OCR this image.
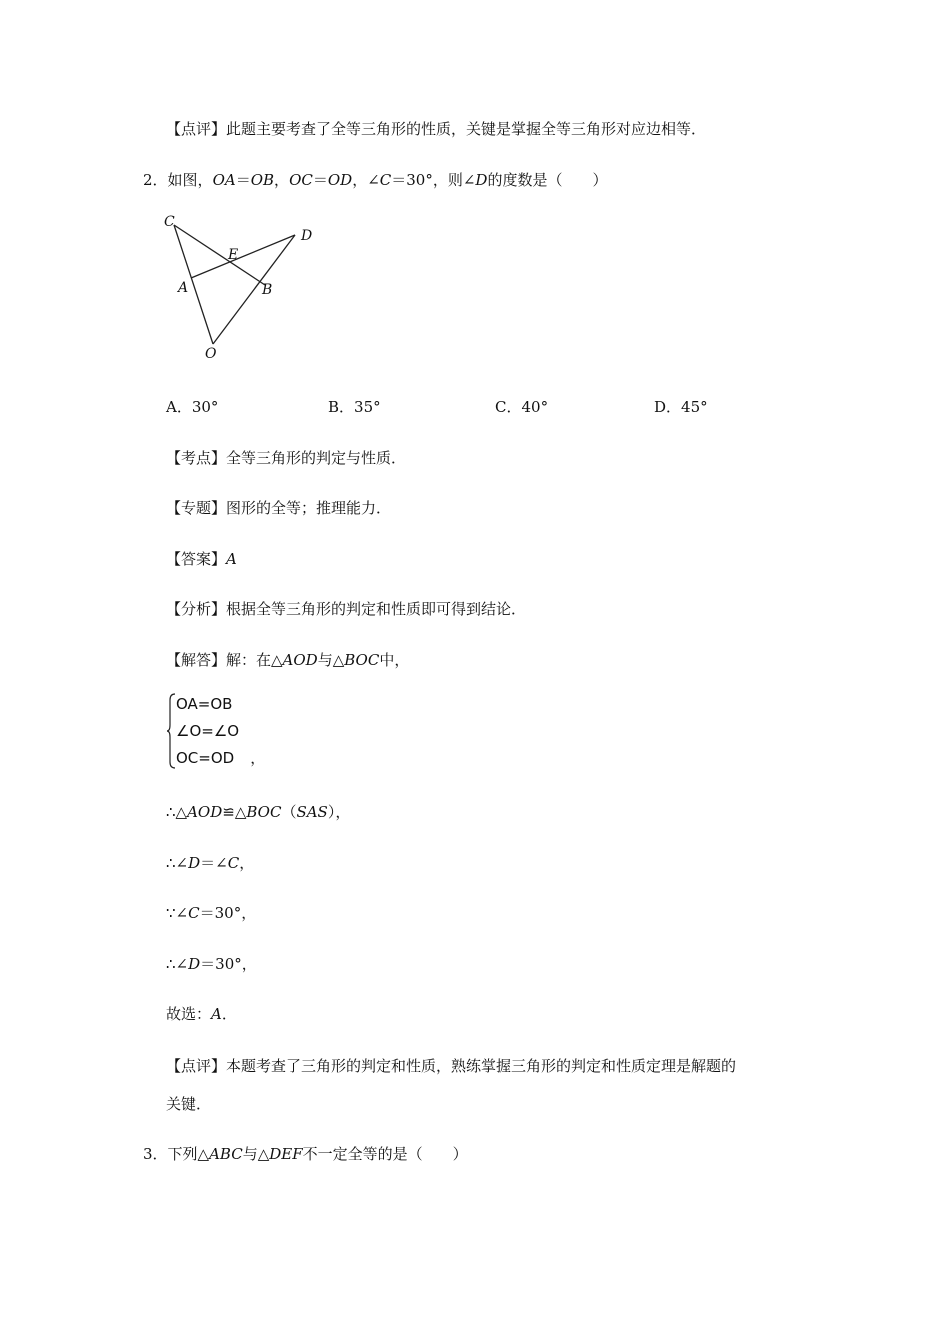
【点评】此题主要考查了全等三角形的性质，关键是掌握全等三角形对应边相等．
2．如图，OA＝OB，OC＝OD，∠C＝30°，则∠D的度数是（　　）
C
D
E
A	B
O
A．30°	B．35°	C．40°	D．45°
【考点】全等三角形的判定与性质．
【专题】图形的全等；推理能力．
【答案】A
【分析】根据全等三角形的判定和性质即可得到结论．
【解答】解：在△AOD与△BOC中，
OA=OB
∠O=∠O
OC=OD ，
∴△AOD≌△BOC（SAS），
∴∠D＝∠C，
∵∠C＝30°，
∴∠D＝30°，
故选：A．
【点评】本题考查了三角形的判定和性质，熟练掌握三角形的判定和性质定理是解题的
关键．
3．下列△ABC与△DEF不一定全等的是（　　）
